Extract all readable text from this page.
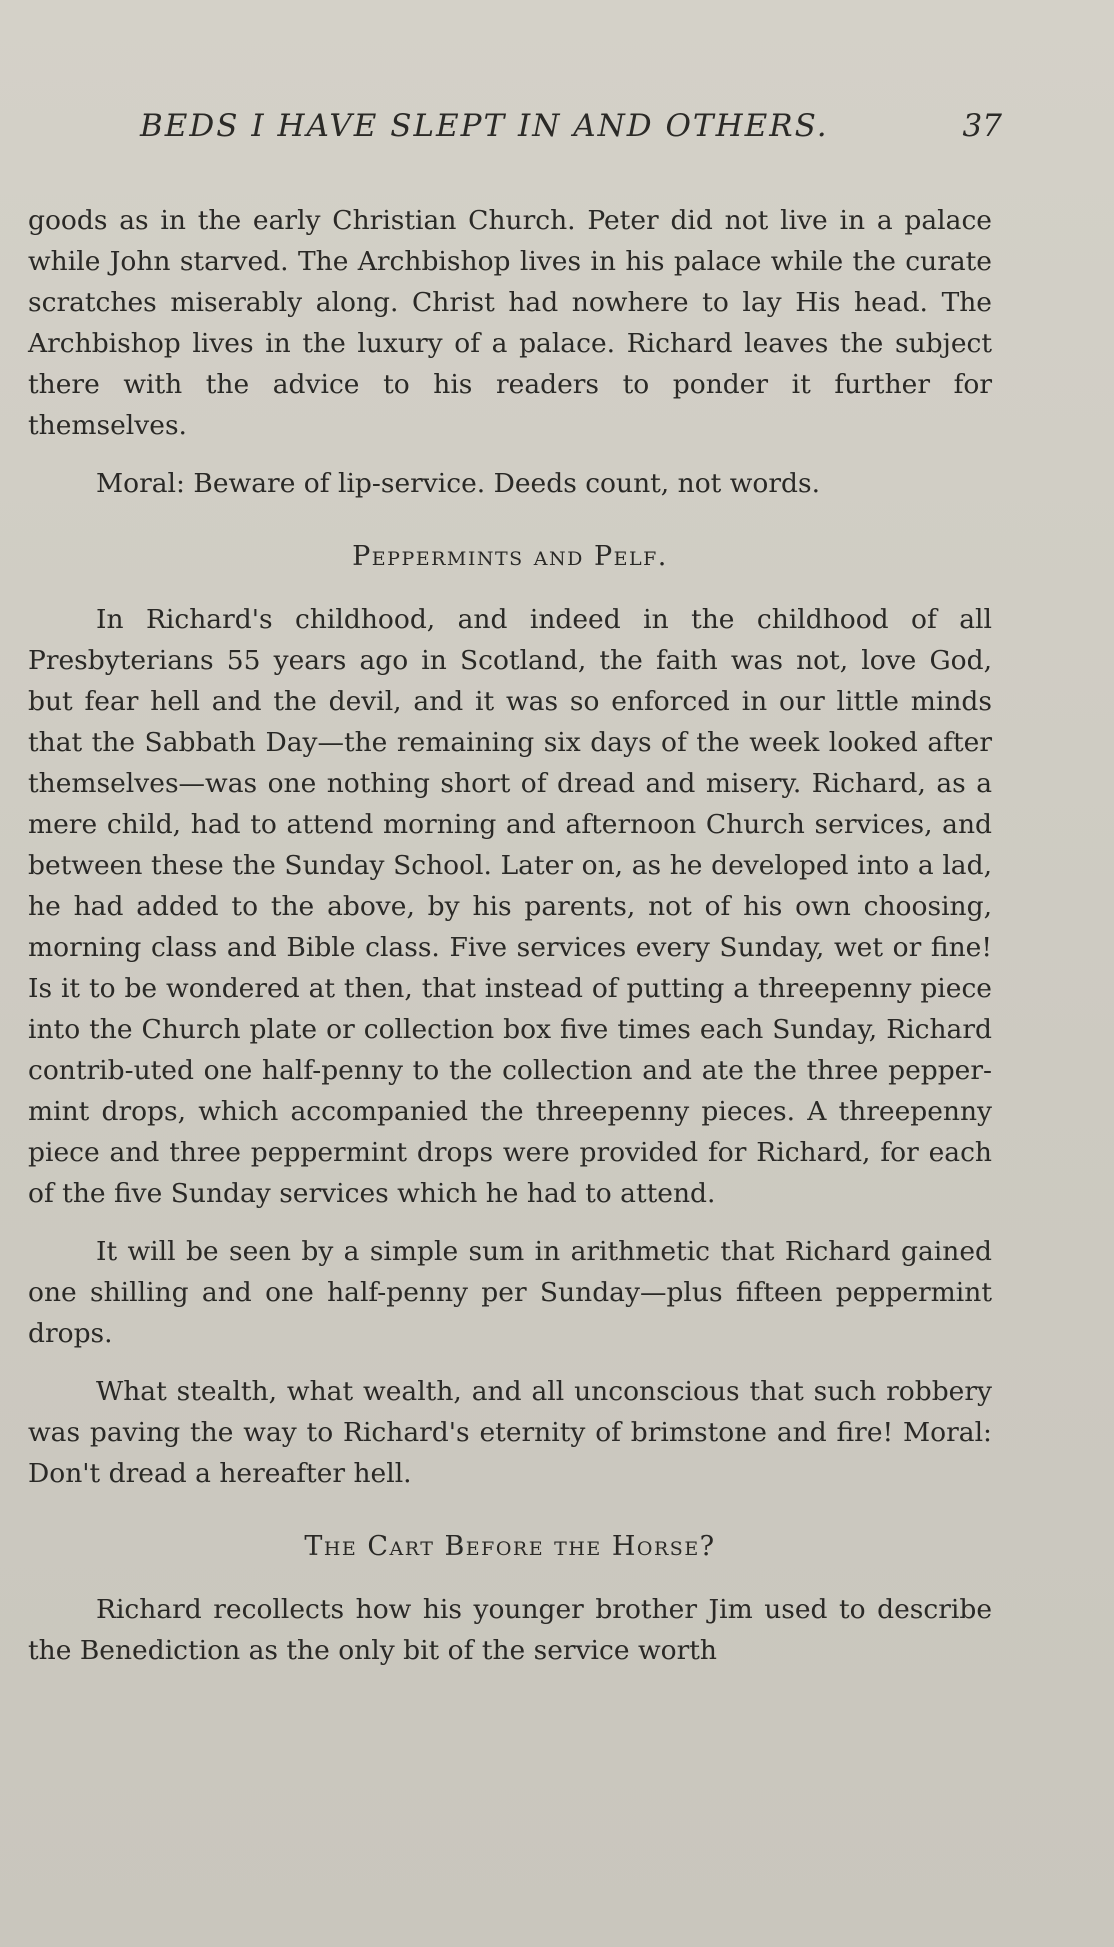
BEDS I HAVE SLEPT IN AND OTHERS.	37

goods as in the early Christian Church. Peter did not live in a palace while John starved. The Archbishop lives in his palace while the curate scratches miserably along. Christ had nowhere to lay His head. The Archbishop lives in the luxury of a palace. Richard leaves the subject there with the advice to his readers to ponder it further for themselves.

Moral: Beware of lip-service. Deeds count, not words.

Peppermints and Pelf.

In Richard's childhood, and indeed in the childhood of all Presbyterians 55 years ago in Scotland, the faith was not, love God, but fear hell and the devil, and it was so enforced in our little minds that the Sabbath Day—the remaining six days of the week looked after themselves—was one nothing short of dread and misery. Richard, as a mere child, had to attend morning and afternoon Church services, and between these the Sunday School. Later on, as he developed into a lad, he had added to the above, by his parents, not of his own choosing, morning class and Bible class. Five services every Sunday, wet or fine! Is it to be wondered at then, that instead of putting a threepenny piece into the Church plate or collection box five times each Sunday, Richard contrib-uted one half-penny to the collection and ate the three pepper-mint drops, which accompanied the threepenny pieces. A threepenny piece and three peppermint drops were provided for Richard, for each of the five Sunday services which he had to attend.

It will be seen by a simple sum in arithmetic that Richard gained one shilling and one half-penny per Sunday—plus fifteen peppermint drops.

What stealth, what wealth, and all unconscious that such robbery was paving the way to Richard's eternity of brimstone and fire! Moral: Don't dread a hereafter hell.

The Cart Before the Horse?

Richard recollects how his younger brother Jim used to describe the Benediction as the only bit of the service worth
